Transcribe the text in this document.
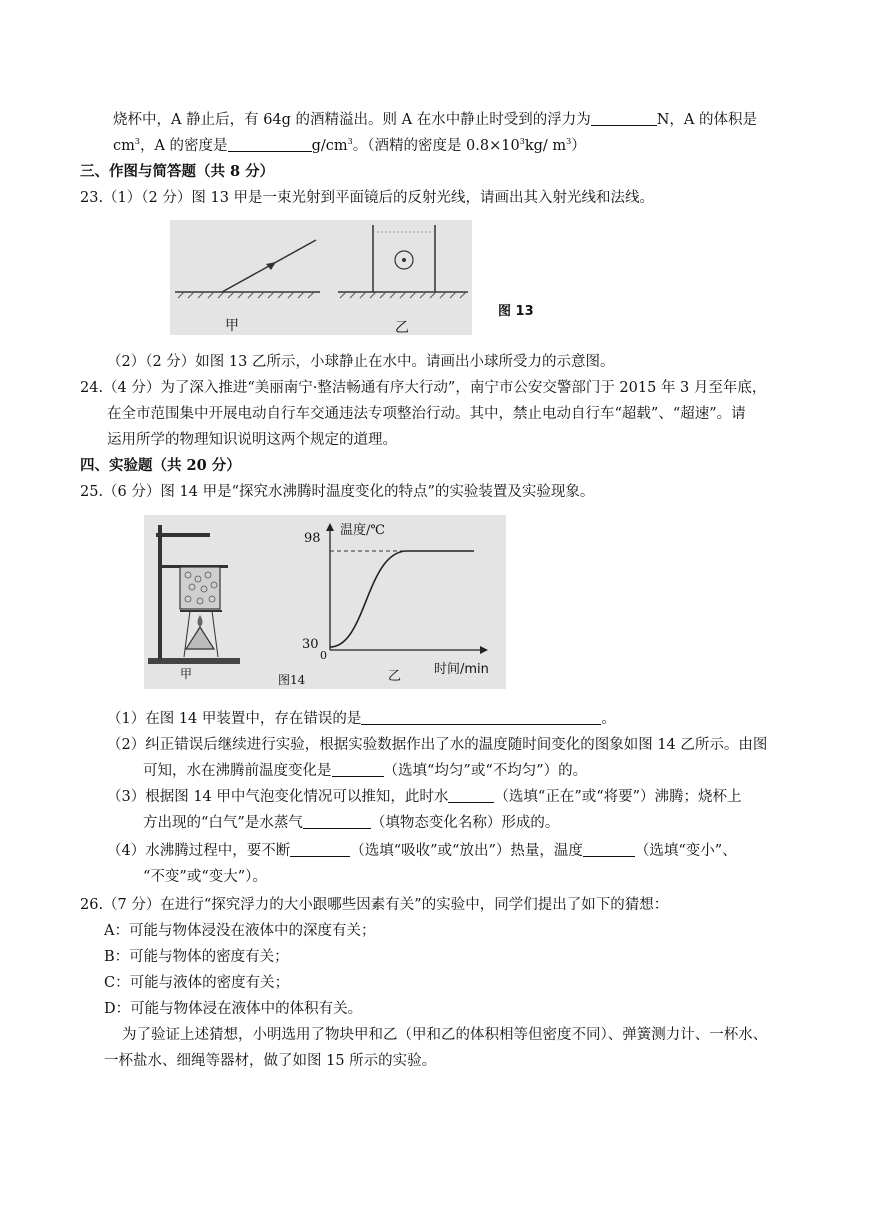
烧杯中，A 静止后，有 64g 的酒精溢出。则 A 在水中静止时受到的浮力为	N，A 的体积是
$cm^3$，A 的密度是	$g/cm^3$。（酒精的密度是 $0.8\times 10^3kg/$ $m^3$）
三、作图与简答题（共 8 分）
23.（1）（2 分）图 13 甲是一束光射到平面镜后的反射光线，请画出其入射光线和法线。
甲	乙
图 13
（2）（2 分）如图 13 乙所示，小球静止在水中。请画出小球所受力的示意图。
24.（4 分）为了深入推进“美丽南宁·整洁畅通有序大行动”，南宁市公安交警部门于 2015 年 3 月至年底，
在全市范围集中开展电动自行车交通违法专项整治行动。其中，禁止电动自行车“超载”、“超速”。请
运用所学的物理知识说明这两个规定的道理。
四、实验题（共 20 分）
25.（6 分）图 14 甲是“探究水沸腾时温度变化的特点”的实验装置及实验现象。
温度/℃
98
30
0
时间/min
甲	图14	乙
（1）在图 14 甲装置中，存在错误的是	。
（2）纠正错误后继续进行实验，根据实验数据作出了水的温度随时间变化的图象如图 14 乙所示。由图
可知，水在沸腾前温度变化是	（选填“均匀”或“不均匀”）的。
（3）根据图 14 甲中气泡变化情况可以推知，此时水	（选填“正在”或“将要”）沸腾；烧杯上
方出现的“白气”是水蒸气	（填物态变化名称）形成的。
（4）水沸腾过程中，要不断	（选填“吸收”或“放出”）热量，温度	（选填“变小”、
“不变”或“变大”）。
26.（7 分）在进行“探究浮力的大小跟哪些因素有关”的实验中，同学们提出了如下的猜想：
A：可能与物体浸没在液体中的深度有关；
B：可能与物体的密度有关；
C：可能与液体的密度有关；
D：可能与物体浸在液体中的体积有关。
为了验证上述猜想，小明选用了物块甲和乙（甲和乙的体积相等但密度不同）、弹簧测力计、一杯水、
一杯盐水、细绳等器材，做了如图 15 所示的实验。
